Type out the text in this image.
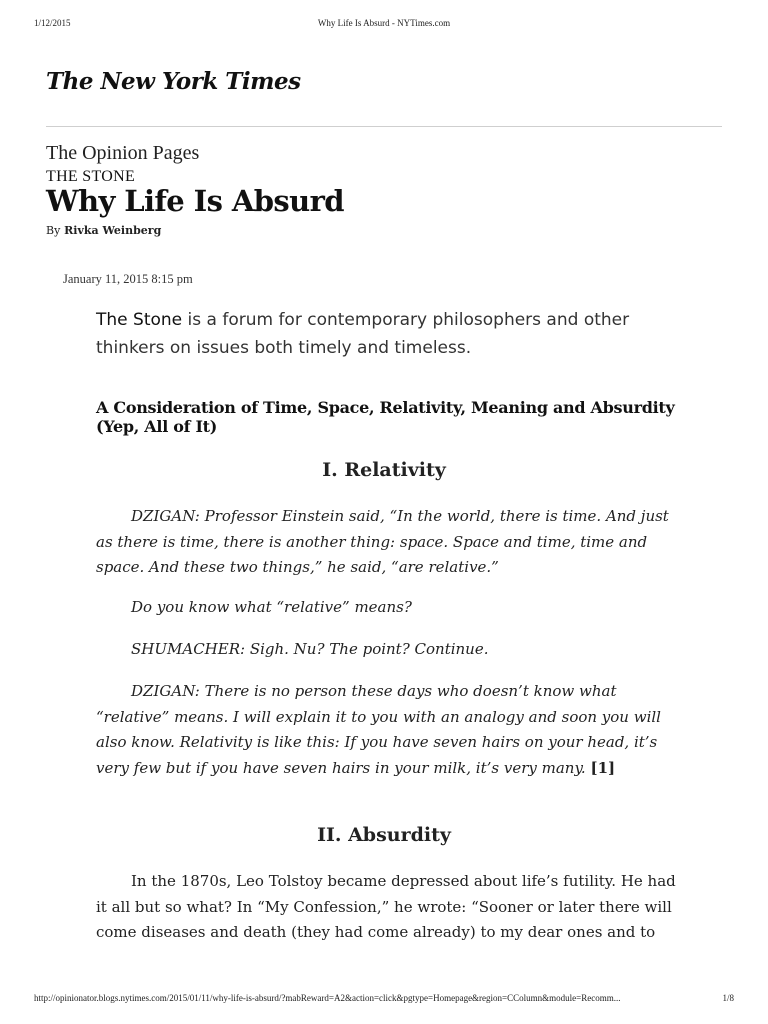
1/12/2015	Why Life Is Absurd - NYTimes.com
The New York Times
The Opinion Pages
THE STONE
Why Life Is Absurd
By Rivka Weinberg
January 11, 2015 8:15 pm

The Stone is a forum for contemporary philosophers and other thinkers on issues both timely and timeless.

A Consideration of Time, Space, Relativity, Meaning and Absurdity (Yep, All of It)
I. Relativity

DZIGAN: Professor Einstein said, “In the world, there is time. And just as there is time, there is another thing: space. Space and time, time and space. And these two things,” he said, “are relative.”

Do you know what “relative” means?

SHUMACHER: Sigh. Nu? The point? Continue.

DZIGAN: There is no person these days who doesn’t know what “relative” means. I will explain it to you with an analogy and soon you will also know. Relativity is like this: If you have seven hairs on your head, it’s very few but if you have seven hairs in your milk, it’s very many. [1]

II. Absurdity

In the 1870s, Leo Tolstoy became depressed about life’s futility. He had it all but so what? In “My Confession,” he wrote: “Sooner or later there will come diseases and death (they had come already) to my dear ones and to

http://opinionator.blogs.nytimes.com/2015/01/11/why-life-is-absurd/?mabReward=A2&action=click&pgtype=Homepage&region=CColumn&module=Recomm...	1/8
